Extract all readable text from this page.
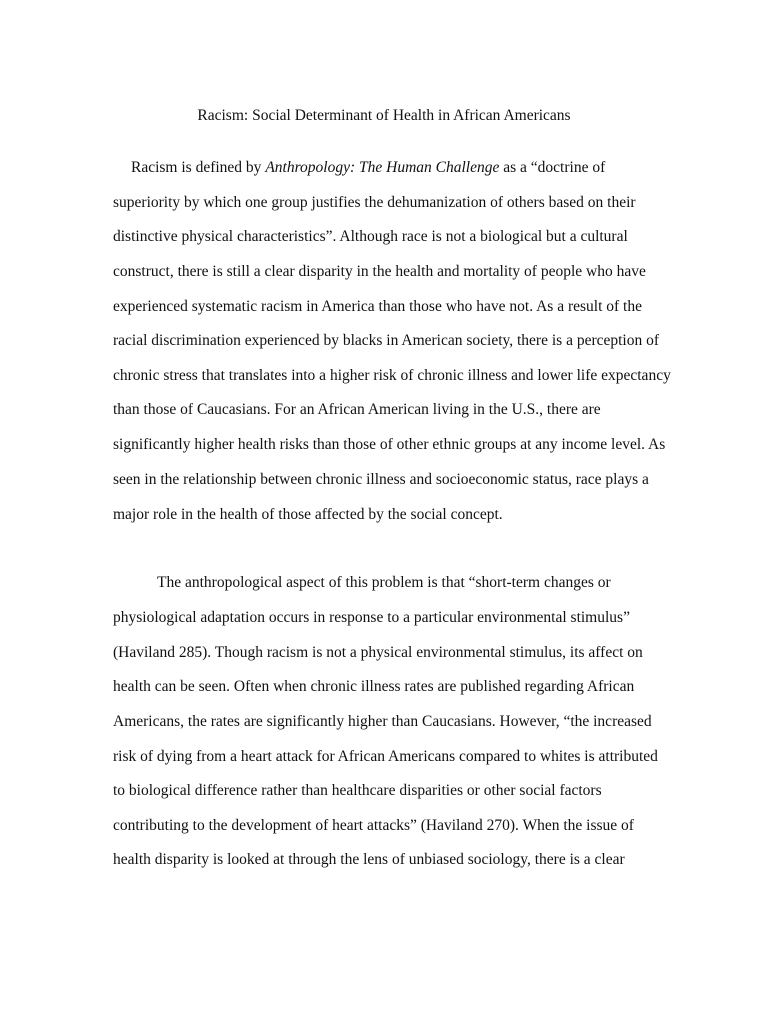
Racism: Social Determinant of Health in African Americans
Racism is defined by Anthropology: The Human Challenge as a “doctrine of
superiority by which one group justifies the dehumanization of others based on their
distinctive physical characteristics”. Although race is not a biological but a cultural
construct, there is still a clear disparity in the health and mortality of people who have
experienced systematic racism in America than those who have not. As a result of the
racial discrimination experienced by blacks in American society, there is a perception of
chronic stress that translates into a higher risk of chronic illness and lower life expectancy
than those of Caucasians. For an African American living in the U.S., there are
significantly higher health risks than those of other ethnic groups at any income level. As
seen in the relationship between chronic illness and socioeconomic status, race plays a
major role in the health of those affected by the social concept.
The anthropological aspect of this problem is that “short-term changes or
physiological adaptation occurs in response to a particular environmental stimulus”
(Haviland 285). Though racism is not a physical environmental stimulus, its affect on
health can be seen. Often when chronic illness rates are published regarding African
Americans, the rates are significantly higher than Caucasians. However, “the increased
risk of dying from a heart attack for African Americans compared to whites is attributed
to biological difference rather than healthcare disparities or other social factors
contributing to the development of heart attacks” (Haviland 270). When the issue of
health disparity is looked at through the lens of unbiased sociology, there is a clear
